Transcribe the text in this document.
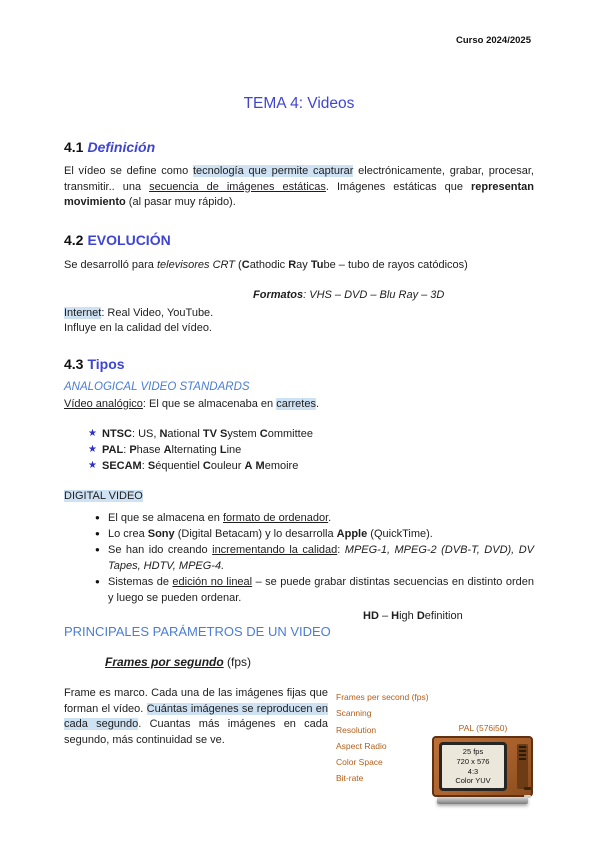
Curso 2024/2025
TEMA 4: Videos
4.1 Definición

El vídeo se define como tecnología que permite capturar electrónicamente, grabar, procesar, transmitir.. una secuencia de imágenes estáticas. Imágenes estáticas que representan movimiento (al pasar muy rápido).

4.2 EVOLUCIÓN

Se desarrolló para televisores CRT (Cathodic Ray Tube – tubo de rayos catódicos)

Formatos: VHS – DVD – Blu Ray – 3D

Internet: Real Video, YouTube.

Influye en la calidad del vídeo.

4.3 Tipos
ANALOGICAL VIDEO STANDARDS

Vídeo analógico: El que se almacenaba en carretes.

★ NTSC: US, National TV System Committee
★ PAL: Phase Alternating Line
★ SECAM: Séquentiel Couleur A Memoire

DIGITAL VIDEO

● El que se almacena en formato de ordenador.
● Lo crea Sony (Digital Betacam) y lo desarrolla Apple (QuickTime).
● Se han ido creando incrementando la calidad: MPEG-1, MPEG-2 (DVB-T, DVD), DV Tapes, HDTV, MPEG-4.
● Sistemas de edición no lineal – se puede grabar distintas secuencias en distinto orden y luego se pueden ordenar.

HD – High Definition

PRINCIPALES PARÁMETROS DE UN VIDEO

Frames por segundo (fps)

Frame es marco. Cada una de las imágenes fijas que forman el vídeo. Cuántas imágenes se reproducen en cada segundo. Cuantas más imágenes en cada segundo, más continuidad se ve.

Frames per second (fps)
Scanning
Resolution
Aspect Radio
Color Space
Bit-rate
PAL (576i50)
25 fps
720 x 576
4:3
Color YUV
